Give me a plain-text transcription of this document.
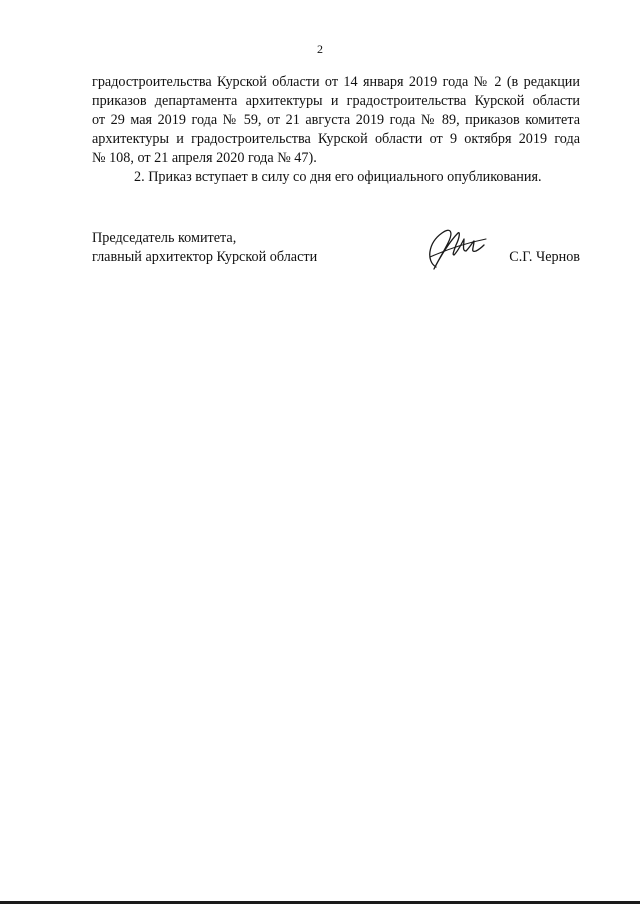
2
градостроительства Курской области от 14 января 2019 года № 2 (в редакции
приказов департамента архитектуры и градостроительства Курской области
от 29 мая 2019 года № 59, от 21 августа 2019 года № 89, приказов комитета
архитектуры и градостроительства Курской области от 9 октября 2019 года
№ 108, от 21 апреля 2020 года № 47).
2. Приказ вступает в силу со дня его официального опубликования.
Председатель комитета,
главный архитектор Курской области	С.Г. Чернов
